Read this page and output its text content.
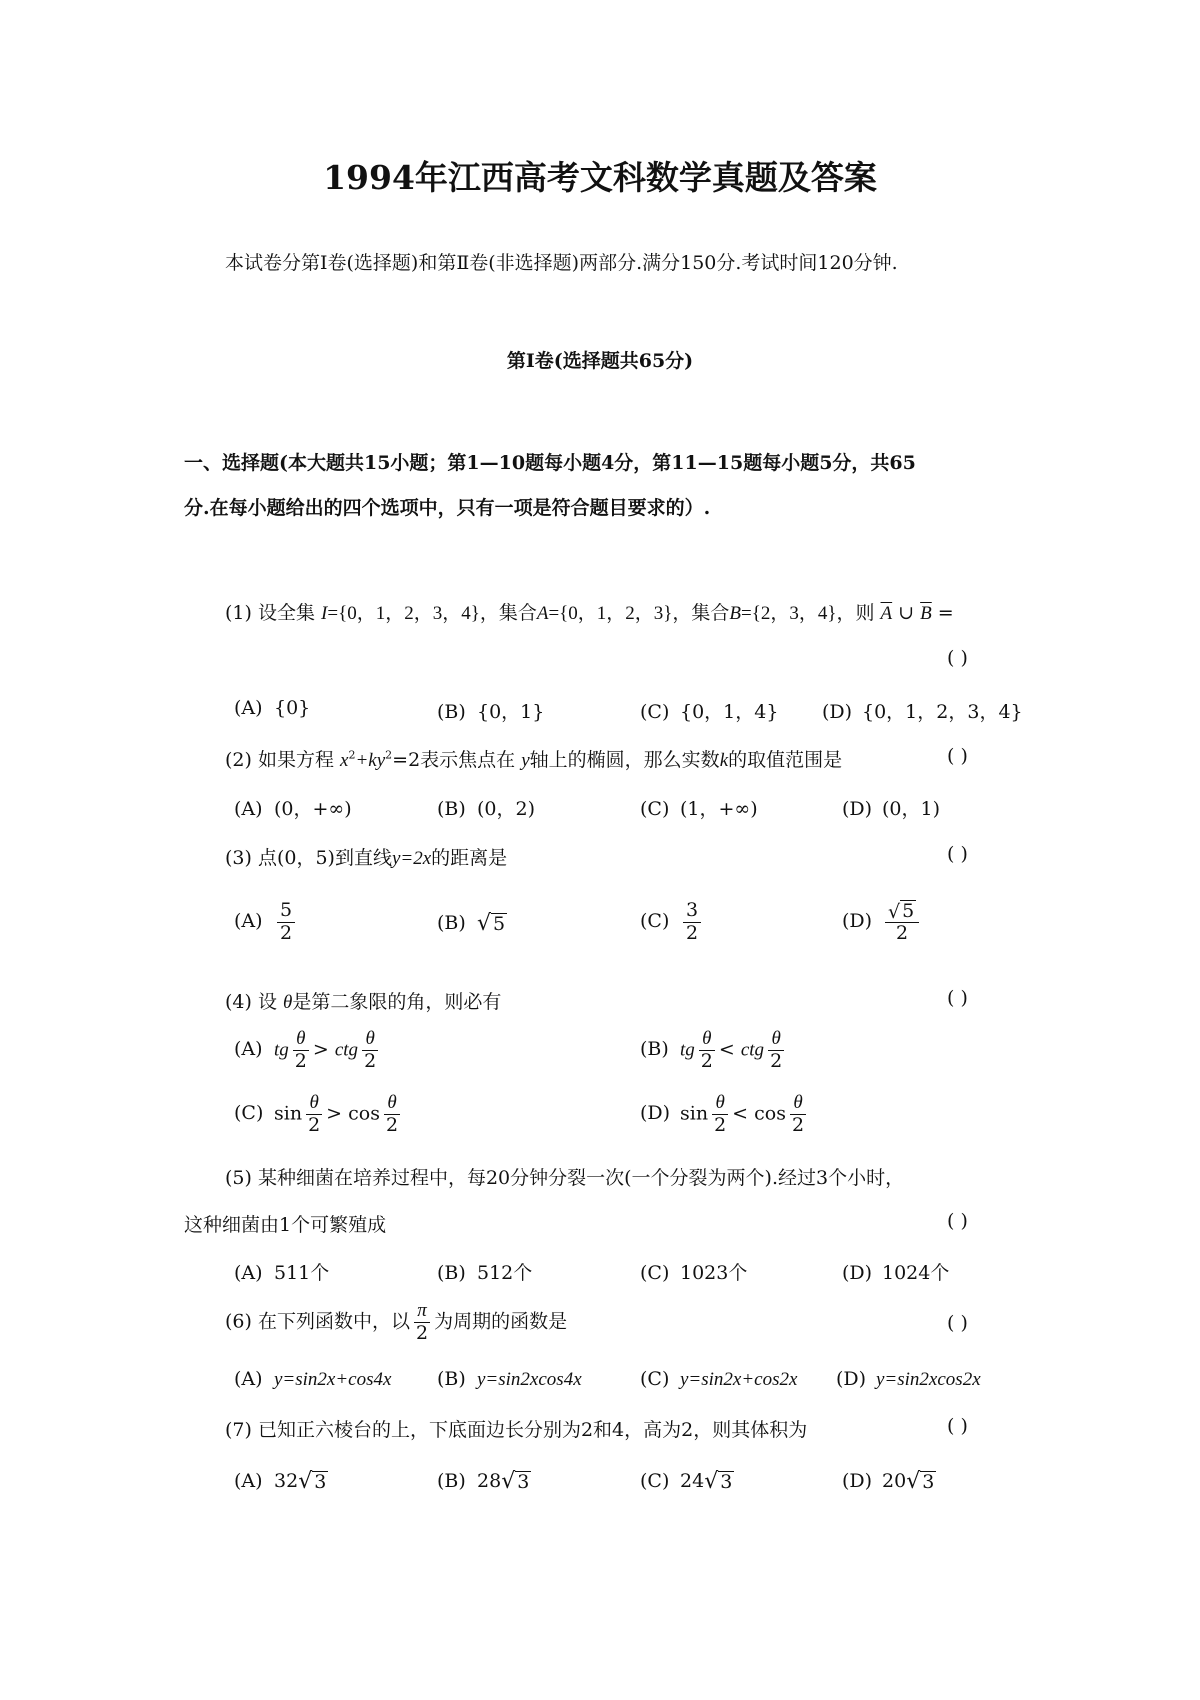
1994年江西高考文科数学真题及答案
本试卷分第Ⅰ卷(选择题)和第Ⅱ卷(非选择题)两部分.满分150分.考试时间120分钟.
第Ⅰ卷(选择题共65分)
一、选择题(本大题共15小题；第1—10题每小题4分，第11—15题每小题5分，共65
分.在每小题给出的四个选项中，只有一项是符合题目要求的）.
(1) 设全集 I={0，1，2，3，4}，集合A={0，1，2，3}，集合B={2，3，4}，则 $\overline{A}$ ∪ $\overline{B}$ =
( )
(A) {0}	(B) {0，1}	(C) {0，1，4} (D) {0，1，2，3，4}
(2) 如果方程 $x^2+ky^2=2$表示焦点在 y轴上的椭圆，那么实数k的取值范围是	( )
(A) (0，+∞)	(B) (0，2)	(C) (1，+∞)	(D) (0，1)
(3) 点(0，5)到直线y=2x的距离是	( )
$(A) \frac{5}{2}$	(B) √ 5	$(C) \frac{3}{2}$	$(D) \frac{√ 5}{2}$
(4) 设 θ是第二象限的角，则必有	( )
(A) tg $\frac{\theta}{2}$ > ctg $\frac{\theta}{2}$	(B) tg $\frac{\theta}{2}$ < ctg $\frac{\theta}{2}$
(C) $\sin \frac{\theta}{2} > \cos \frac{\theta}{2}$	(D) $\sin \frac{\theta}{2} < \cos \frac{\theta}{2}$
(5) 某种细菌在培养过程中，每20分钟分裂一次(一个分裂为两个).经过3个小时，
这种细菌由1个可繁殖成	( )
(A) 511个	(B) 512个	(C) 1023个	(D) 1024个
(6) 在下列函数中，以 $\frac{\pi}{2}$ 为周期的函数是	( )
(A) y=sin2x+cos4x (B) y=sin2xcos4x	(C) y=sin2x+cos2x (D) y=sin2xcos2x
(7) 已知正六棱台的上，下底面边长分别为2和4，高为2，则其体积为	( )
(A) 32 √ 3	(B) 28 √ 3	(C) 24 √ 3	(D) 20 √ 3
